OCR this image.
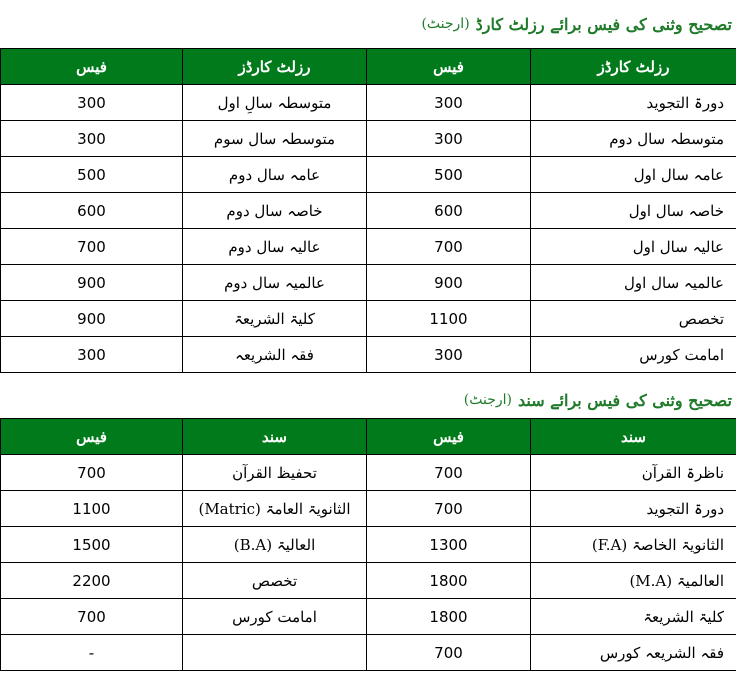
تصحیح وثنی کی فیس برائے رزلٹ کارڈ
(ارجنٹ)
فیس	رزلٹ کارڈز	فیس	رزلٹ کارڈز
300	متوسطہ سالِ اول	300	دورۃ التجوید
300	متوسطہ سال سوم	300	متوسطہ سال دوم
500	عامہ سال دوم	500	عامہ سال اول
600	خاصہ سال دوم	600	خاصہ سال اول
700	عالیہ سال دوم	700	عالیہ سال اول
900	عالمیہ سال دوم	900	عالمیہ سال اول
900	کلیۃ الشریعۃ	1100	تخصص
300	فقہ الشریعہ	300	امامت کورس
تصحیح وثنی کی فیس برائے سند
(ارجنٹ)
فیس	سند	فیس	سند
700	تحفیظ القرآن	700	ناظرۃ القرآن
1100	الثانویۃ العامۃ (Matric)	700	دورۃ التجوید
1500	العالیۃ (B.A)	1300	الثانویۃ الخاصۃ (F.A)
2200	تخصص	1800	العالمیۃ (M.A)
700	امامت کورس	1800	کلیۃ الشریعۃ
-		700	فقہ الشریعہ کورس
